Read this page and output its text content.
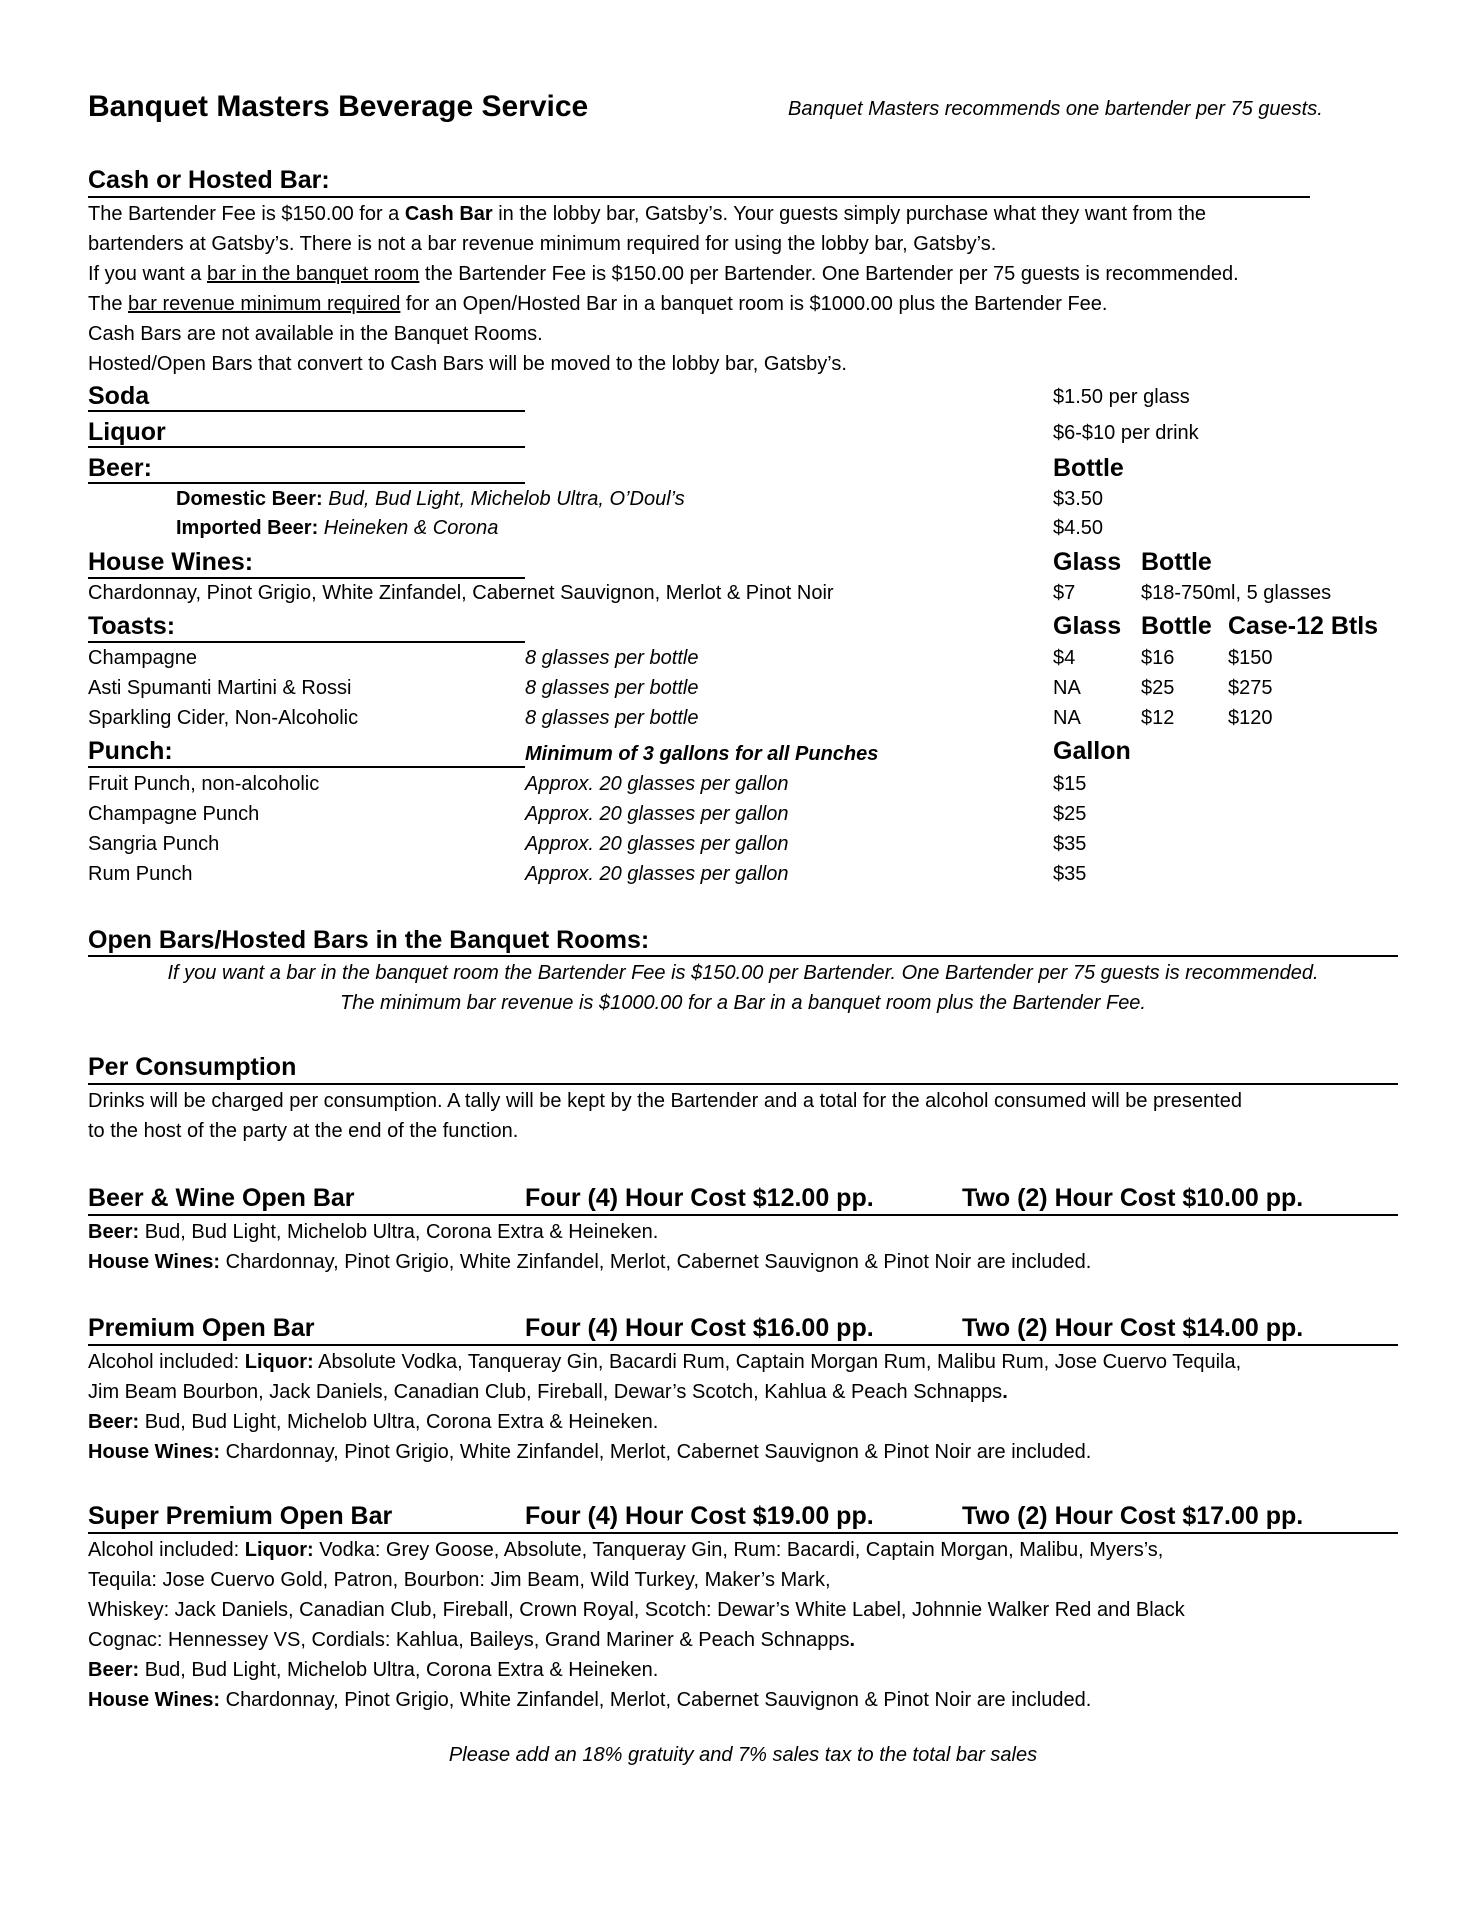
Banquet Masters Beverage Service	Banquet Masters recommends one bartender per 75 guests.
Cash or Hosted Bar:

The Bartender Fee is $150.00 for a Cash Bar in the lobby bar, Gatsby’s. Your guests simply purchase what they want from the

bartenders at Gatsby’s. There is not a bar revenue minimum required for using the lobby bar, Gatsby’s.

If you want a bar in the banquet room the Bartender Fee is $150.00 per Bartender. One Bartender per 75 guests is recommended.

The bar revenue minimum required for an Open/Hosted Bar in a banquet room is $1000.00 plus the Bartender Fee.

Cash Bars are not available in the Banquet Rooms.

Hosted/Open Bars that convert to Cash Bars will be moved to the lobby bar, Gatsby’s.

Soda	$1.50 per glass
Liquor	$6-$10 per drink
Beer:	Bottle
Domestic Beer: Bud, Bud Light, Michelob Ultra, O’Doul’s	$3.50
Imported Beer: Heineken & Corona	$4.50
House Wines:	Glass Bottle
Chardonnay, Pinot Grigio, White Zinfandel, Cabernet Sauvignon, Merlot & Pinot Noir	$7	$18-750ml, 5 glasses
Toasts:	Glass Bottle Case-12 Btls
Champagne	8 glasses per bottle	$4	$16	$150
Asti Spumanti Martini & Rossi	8 glasses per bottle	NA	$25	$275
Sparkling Cider, Non-Alcoholic	8 glasses per bottle	NA	$12	$120
Punch:	Minimum of 3 gallons for all Punches	Gallon
Fruit Punch, non-alcoholic	Approx. 20 glasses per gallon	$15
Champagne Punch	Approx. 20 glasses per gallon	$25
Sangria Punch	Approx. 20 glasses per gallon	$35
Rum Punch	Approx. 20 glasses per gallon	$35
Open Bars/Hosted Bars in the Banquet Rooms:

If you want a bar in the banquet room the Bartender Fee is $150.00 per Bartender. One Bartender per 75 guests is recommended.

The minimum bar revenue is $1000.00 for a Bar in a banquet room plus the Bartender Fee.

Per Consumption

Drinks will be charged per consumption. A tally will be kept by the Bartender and a total for the alcohol consumed will be presented

to the host of the party at the end of the function.

Beer & Wine Open Bar	Four (4) Hour Cost $12.00 pp.	Two (2) Hour Cost $10.00 pp.

Beer: Bud, Bud Light, Michelob Ultra, Corona Extra & Heineken.

House Wines: Chardonnay, Pinot Grigio, White Zinfandel, Merlot, Cabernet Sauvignon & Pinot Noir are included.

Premium Open Bar	Four (4) Hour Cost $16.00 pp.	Two (2) Hour Cost $14.00 pp.

Alcohol included: Liquor: Absolute Vodka, Tanqueray Gin, Bacardi Rum, Captain Morgan Rum, Malibu Rum, Jose Cuervo Tequila,

Jim Beam Bourbon, Jack Daniels, Canadian Club, Fireball, Dewar’s Scotch, Kahlua & Peach Schnapps.

Beer: Bud, Bud Light, Michelob Ultra, Corona Extra & Heineken.

House Wines: Chardonnay, Pinot Grigio, White Zinfandel, Merlot, Cabernet Sauvignon & Pinot Noir are included.

Super Premium Open Bar	Four (4) Hour Cost $19.00 pp.	Two (2) Hour Cost $17.00 pp.

Alcohol included: Liquor: Vodka: Grey Goose, Absolute, Tanqueray Gin, Rum: Bacardi, Captain Morgan, Malibu, Myers’s,

Tequila: Jose Cuervo Gold, Patron, Bourbon: Jim Beam, Wild Turkey, Maker’s Mark,

Whiskey: Jack Daniels, Canadian Club, Fireball, Crown Royal, Scotch: Dewar’s White Label, Johnnie Walker Red and Black

Cognac: Hennessey VS, Cordials: Kahlua, Baileys, Grand Mariner & Peach Schnapps.

Beer: Bud, Bud Light, Michelob Ultra, Corona Extra & Heineken.

House Wines: Chardonnay, Pinot Grigio, White Zinfandel, Merlot, Cabernet Sauvignon & Pinot Noir are included.

Please add an 18% gratuity and 7% sales tax to the total bar sales
